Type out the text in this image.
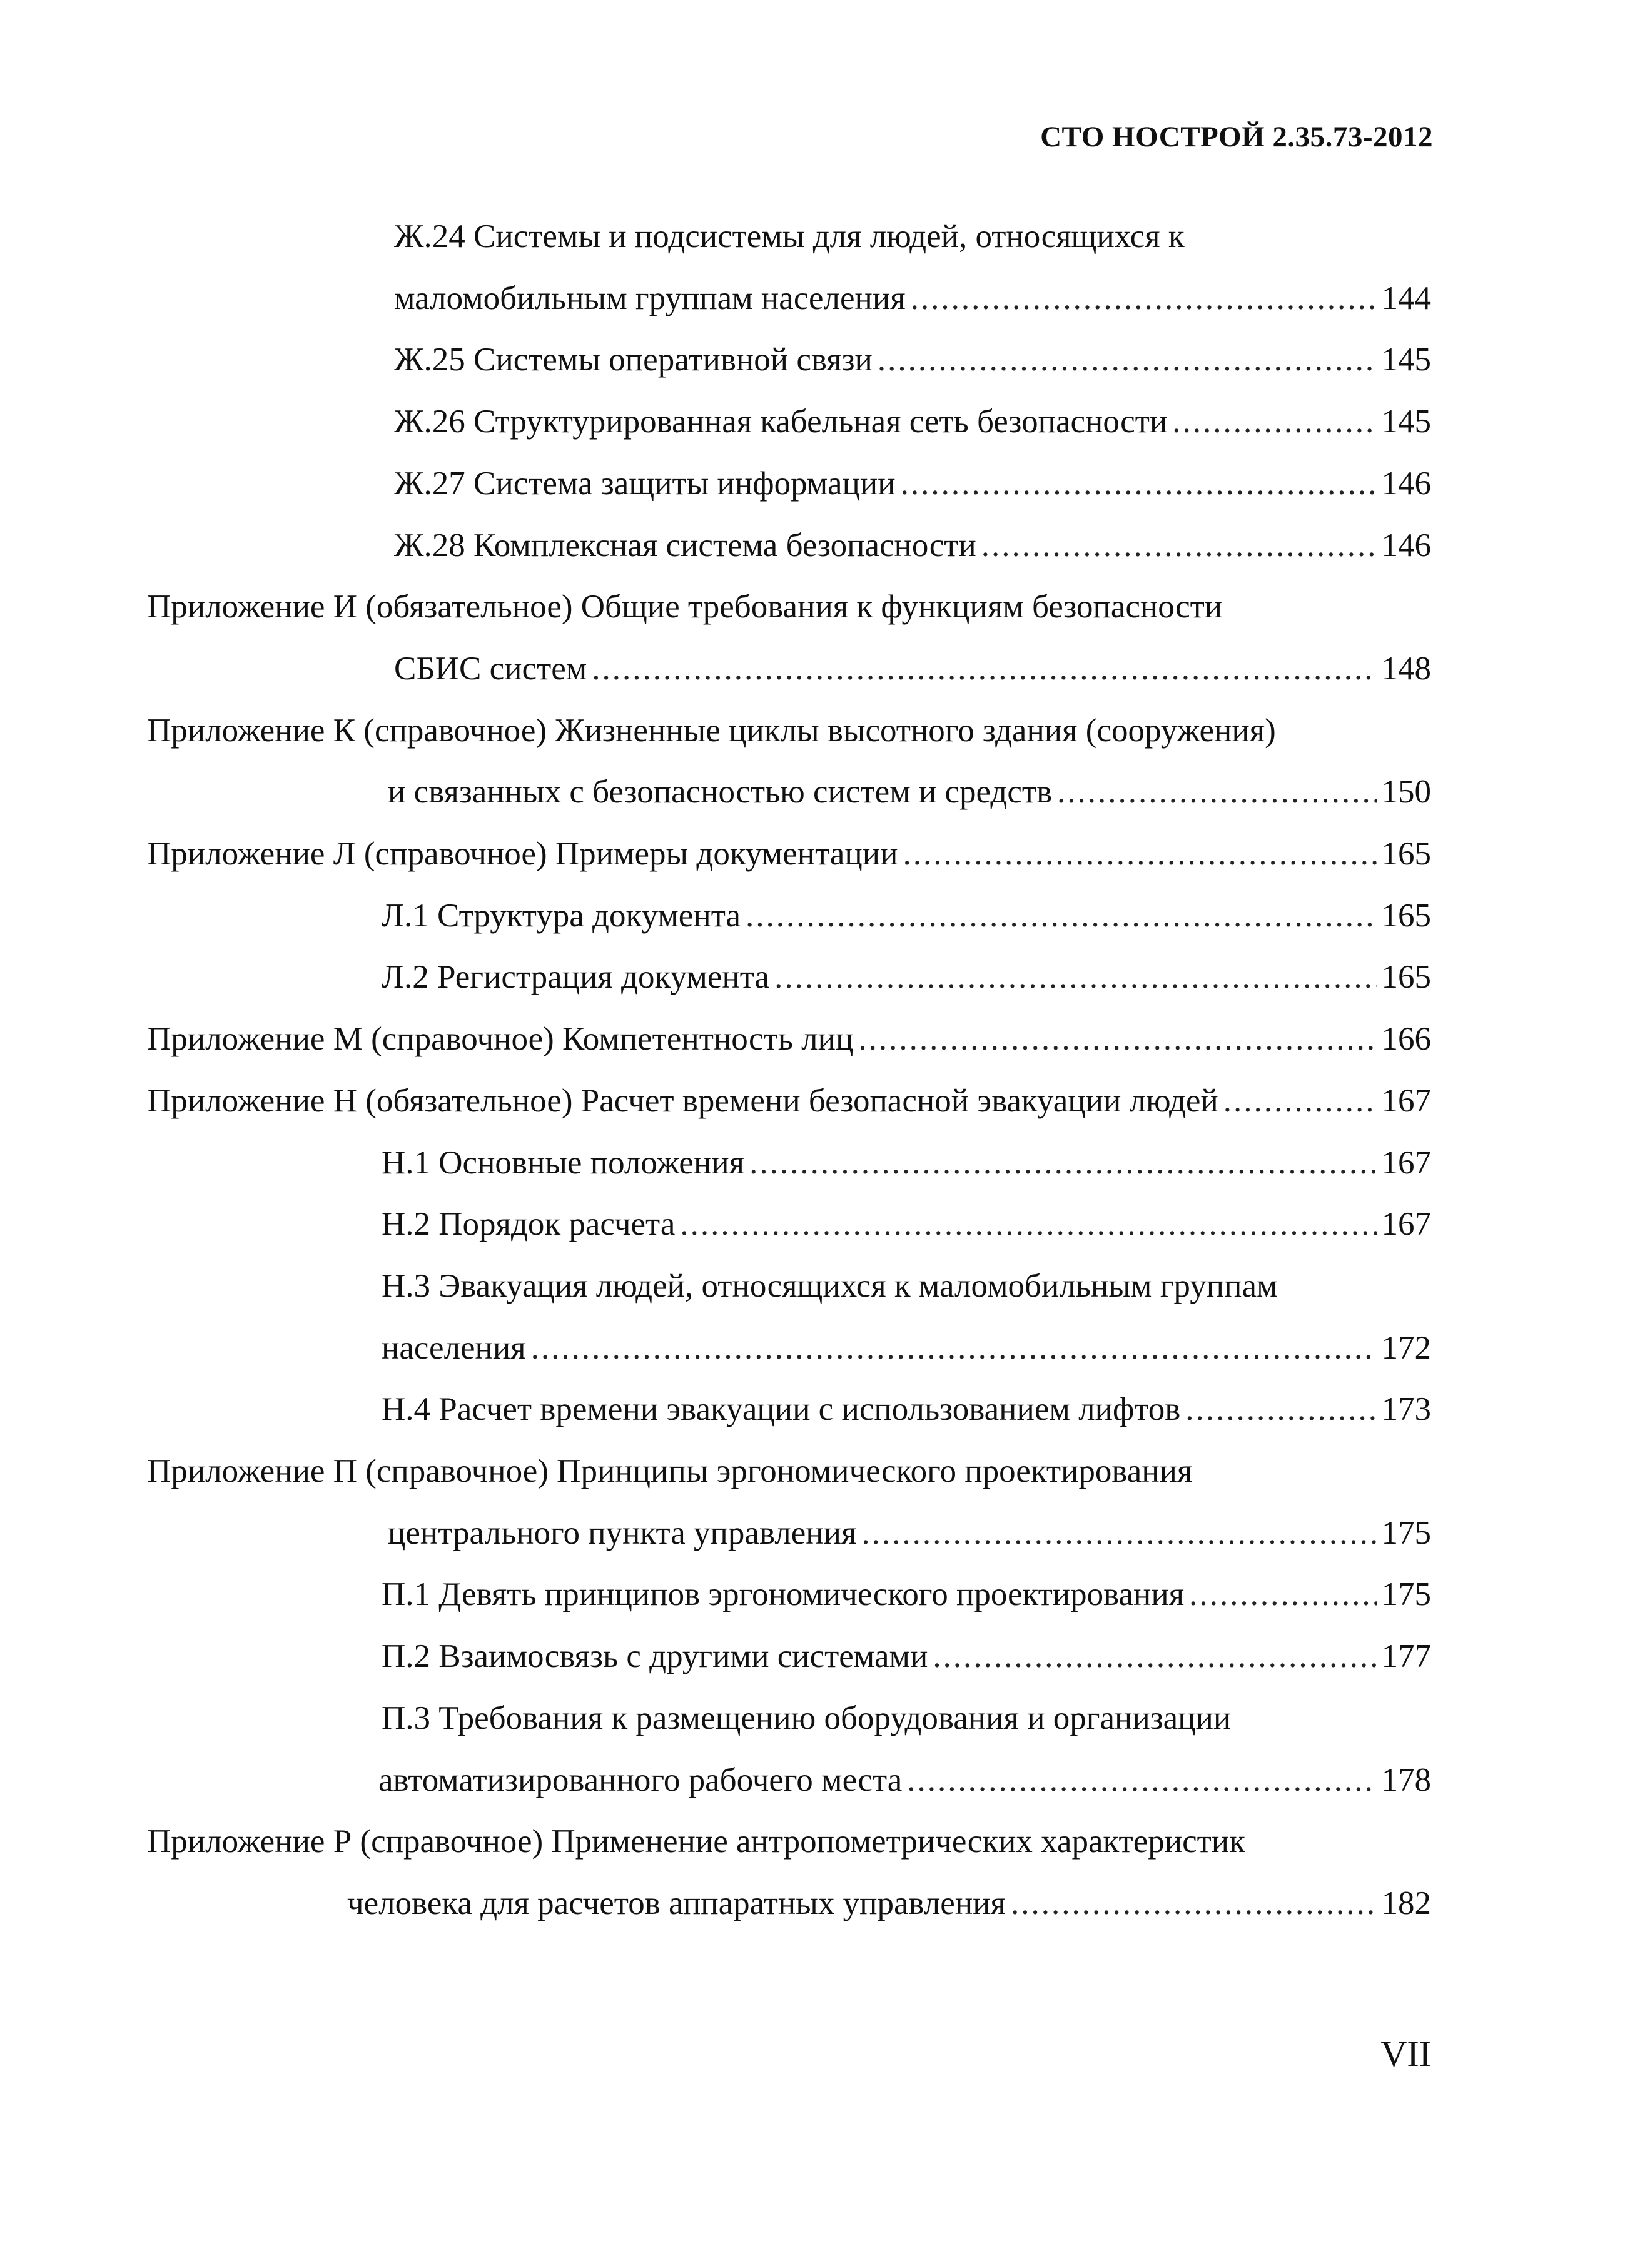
СТО НОСТРОЙ 2.35.73-2012
Ж.24 Системы и подсистемы для людей, относящихся к
маломобильным группам населения .....	144
Ж.25 Системы оперативной связи .....	145
Ж.26 Структурированная кабельная сеть безопасности .....	145
Ж.27 Система защиты информации .....	146
Ж.28 Комплексная система безопасности .....	146
Приложение И (обязательное) Общие требования к функциям безопасности
СБИС систем .....	148
Приложение К (справочное) Жизненные циклы высотного здания (сооружения)
и связанных с безопасностью систем и средств .....	150
Приложение Л (справочное) Примеры документации .....	165
Л.1 Структура документа .....	165
Л.2 Регистрация документа .....	165
Приложение М (справочное) Компетентность лиц .....	166
Приложение Н (обязательное) Расчет времени безопасной эвакуации людей .....	167
Н.1 Основные положения .....	167
Н.2 Порядок расчета .....	167
Н.3 Эвакуация людей, относящихся к маломобильным группам
населения .....	172
Н.4 Расчет времени эвакуации с использованием лифтов .....	173
Приложение П (справочное) Принципы эргономического проектирования
центрального пункта управления .....	175
П.1 Девять принципов эргономического проектирования .....	175
П.2 Взаимосвязь с другими системами .....	177
П.3 Требования к размещению оборудования и организации
автоматизированного рабочего места .....	178
Приложение Р (справочное) Применение антропометрических характеристик
человека для расчетов аппаратных управления .....	182
VII
